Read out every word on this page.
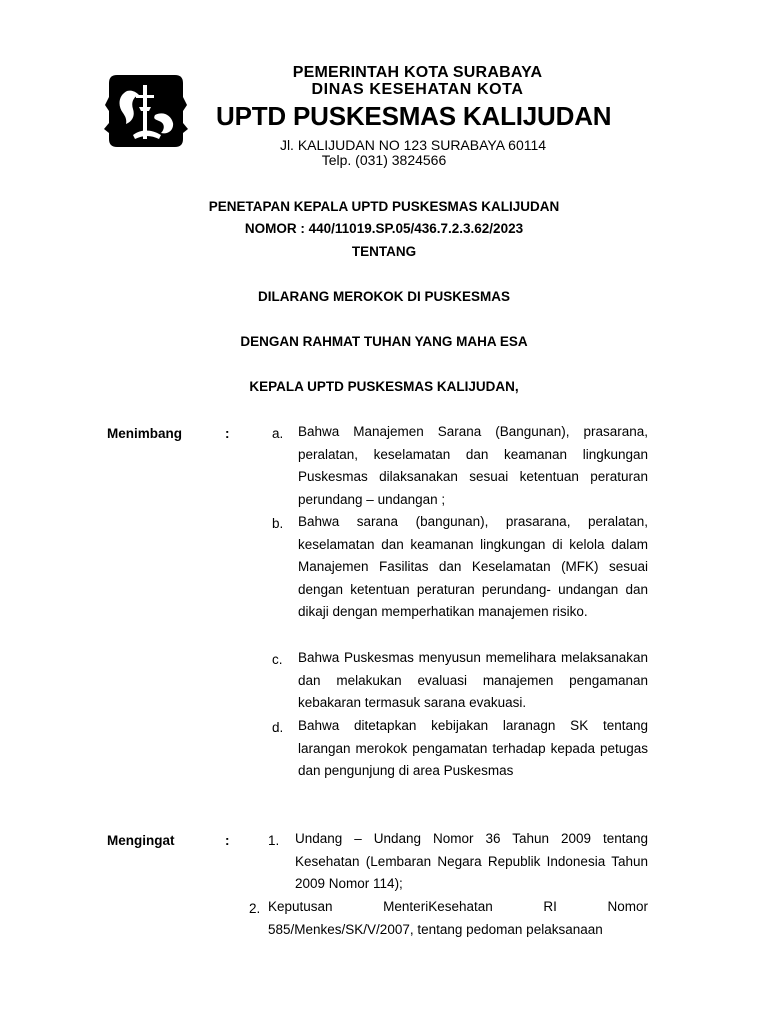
PEMERINTAH KOTA SURABAYA
DINAS KESEHATAN KOTA
UPTD PUSKESMAS KALIJUDAN
Jl. KALIJUDAN NO 123 SURABAYA 60114
Telp. (031) 3824566
PENETAPAN KEPALA UPTD PUSKESMAS KALIJUDAN
NOMOR : 440/11019.SP.05/436.7.2.3.62/2023
TENTANG
DILARANG MEROKOK DI PUSKESMAS
DENGAN RAHMAT TUHAN YANG MAHA ESA
KEPALA UPTD PUSKESMAS KALIJUDAN,
Menimbang	:	a. Bahwa Manajemen Sarana (Bangunan), prasarana, peralatan, keselamatan dan keamanan lingkungan Puskesmas dilaksanakan sesuai ketentuan peraturan perundang – undangan ;
b. Bahwa sarana (bangunan), prasarana, peralatan, keselamatan dan keamanan lingkungan di kelola dalam Manajemen Fasilitas dan Keselamatan (MFK) sesuai dengan ketentuan peraturan perundang- undangan dan dikaji dengan memperhatikan manajemen risiko.
c. Bahwa Puskesmas menyusun memelihara melaksanakan dan melakukan evaluasi manajemen pengamanan kebakaran termasuk sarana evakuasi.
d. Bahwa ditetapkan kebijakan laranagn SK tentang larangan merokok pengamatan terhadap kepada petugas dan pengunjung di area Puskesmas
Mengingat	:	1. Undang – Undang Nomor 36 Tahun 2009 tentang Kesehatan (Lembaran Negara Republik Indonesia Tahun 2009 Nomor 114);
2. Keputusan MenteriKesehatan RI Nomor 585/Menkes/SK/V/2007, tentang pedoman pelaksanaan
